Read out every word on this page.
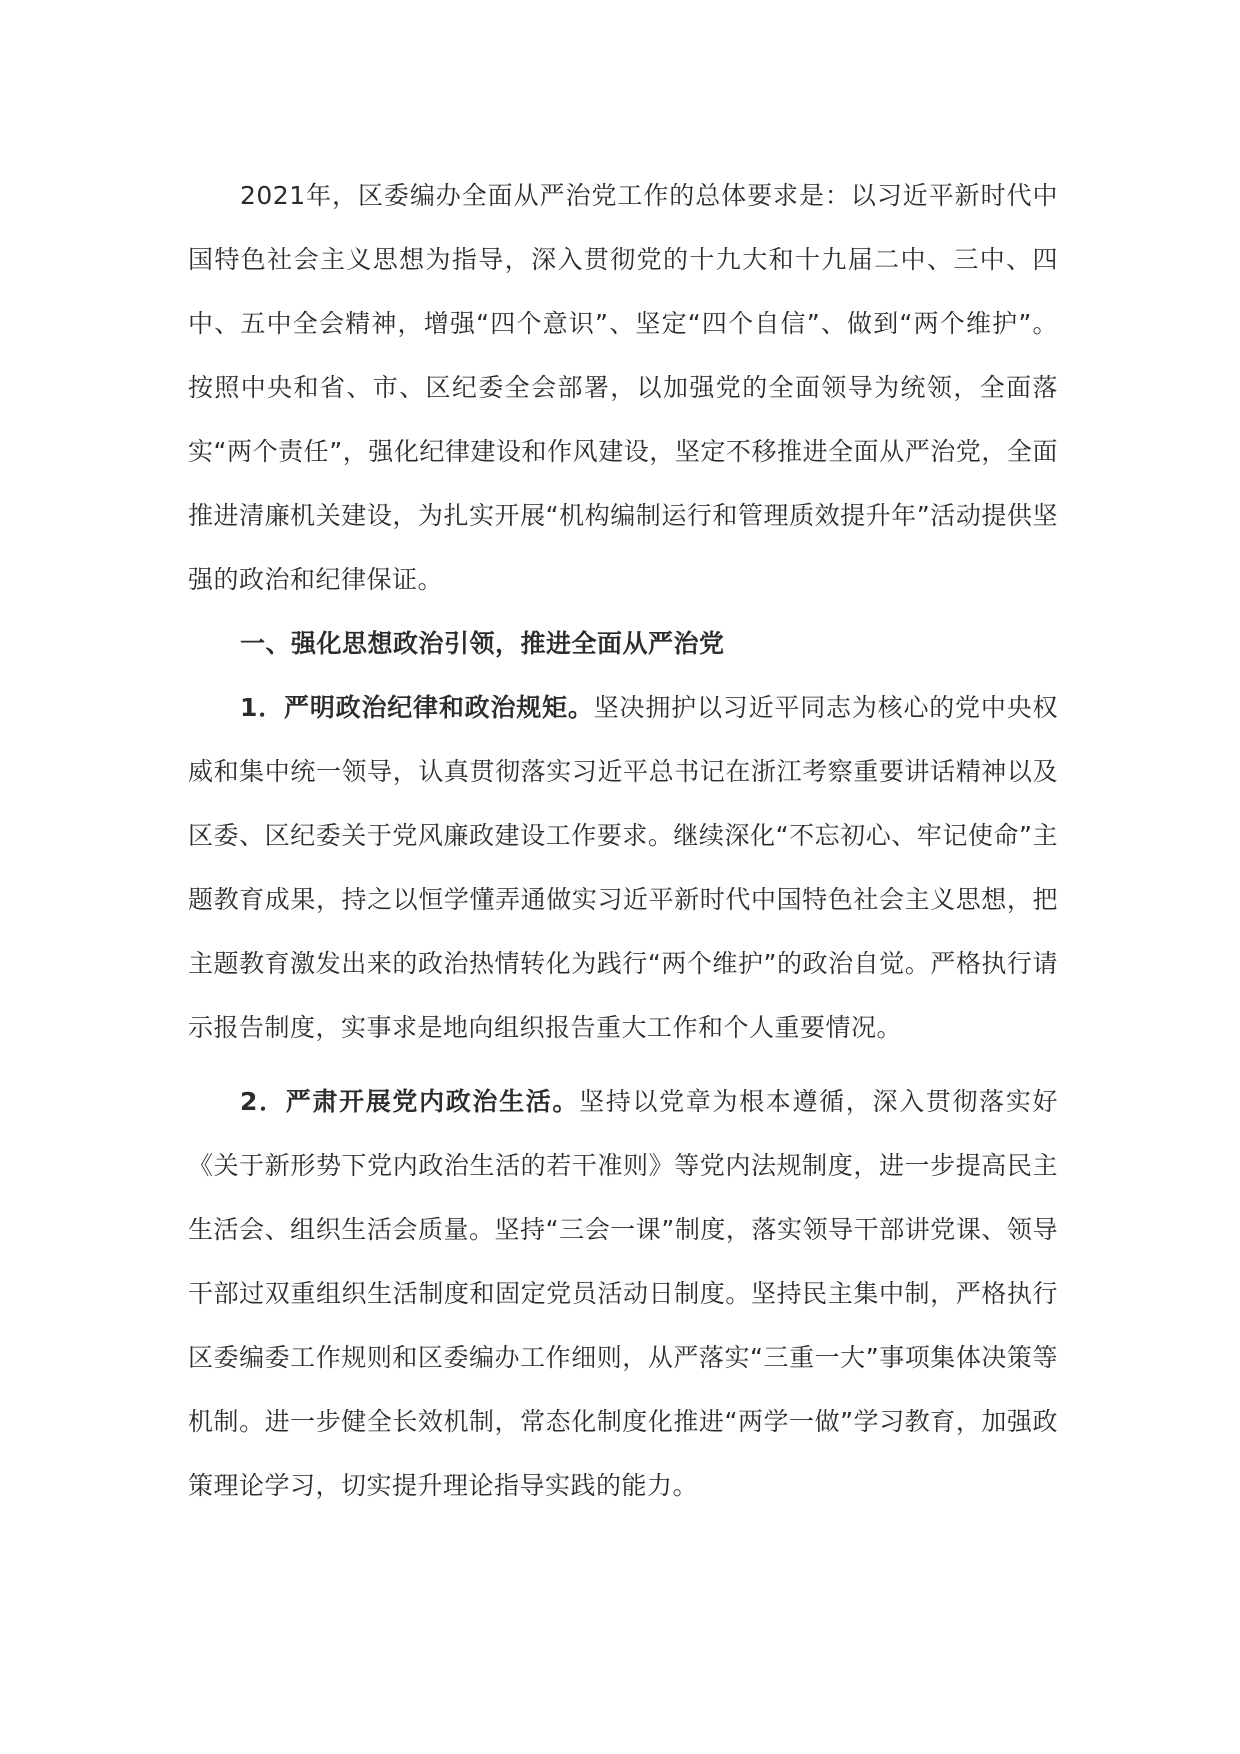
2021年，区委编办全面从严治党工作的总体要求是：以习近平新时代中国特色社会主义思想为指导，深入贯彻党的十九大和十九届二中、三中、四中、五中全会精神，增强“四个意识”、坚定“四个自信”、做到“两个维护”。按照中央和省、市、区纪委全会部署，以加强党的全面领导为统领，全面落实“两个责任”，强化纪律建设和作风建设，坚定不移推进全面从严治党，全面推进清廉机关建设，为扎实开展“机构编制运行和管理质效提升年”活动提供坚强的政治和纪律保证。

一、强化思想政治引领，推进全面从严治党

1．严明政治纪律和政治规矩。坚决拥护以习近平同志为核心的党中央权威和集中统一领导，认真贯彻落实习近平总书记在浙江考察重要讲话精神以及区委、区纪委关于党风廉政建设工作要求。继续深化“不忘初心、牢记使命”主题教育成果，持之以恒学懂弄通做实习近平新时代中国特色社会主义思想，把主题教育激发出来的政治热情转化为践行“两个维护”的政治自觉。严格执行请示报告制度，实事求是地向组织报告重大工作和个人重要情况。

2．严肃开展党内政治生活。坚持以党章为根本遵循，深入贯彻落实好《关于新形势下党内政治生活的若干准则》等党内法规制度，进一步提高民主生活会、组织生活会质量。坚持“三会一课”制度，落实领导干部讲党课、领导干部过双重组织生活制度和固定党员活动日制度。坚持民主集中制，严格执行区委编委工作规则和区委编办工作细则，从严落实“三重一大”事项集体决策等机制。进一步健全长效机制，常态化制度化推进“两学一做”学习教育，加强政策理论学习，切实提升理论指导实践的能力。
